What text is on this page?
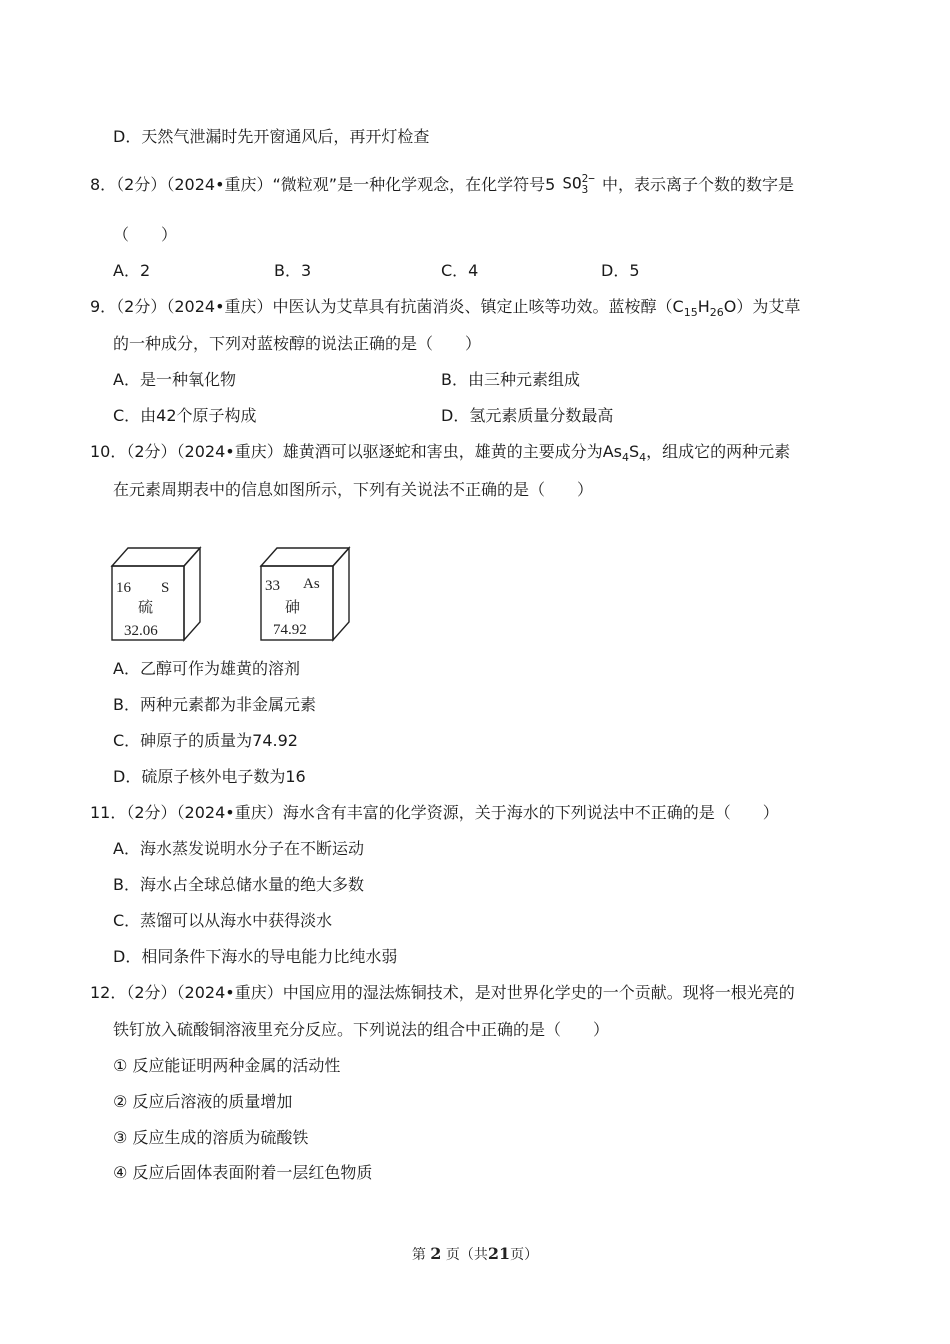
D．天然气泄漏时先开窗通风后，再开灯检查
8．（2分）（2024•重庆）“微粒观”是一种化学观念，在化学符号5 SO 2−
3 中，表示离子个数的数字是
（　　）
A．2	B．3	C．4	D．5
9．（2分）（2024•重庆）中医认为艾草具有抗菌消炎、镇定止咳等功效。蓝桉醇$(C_{15}H_{26}O)$为艾草
的一种成分，下列对蓝桉醇的说法正确的是（　　）
A．是一种氧化物	B．由三种元素组成
C．由42个原子构成	D．氢元素质量分数最高
10．（2分）（2024•重庆）雄黄酒可以驱逐蛇和害虫，雄黄的主要成分为$As_4S_4$，组成它的两种元素
在元素周期表中的信息如图所示，下列有关说法不正确的是（　　）
16 S
硫
32.06
33 As
砷
74.92
A．乙醇可作为雄黄的溶剂
B．两种元素都为非金属元素
C．砷原子的质量为74.92
D．硫原子核外电子数为16
11．（2分）（2024•重庆）海水含有丰富的化学资源，关于海水的下列说法中不正确的是（　　）
A．海水蒸发说明水分子在不断运动
B．海水占全球总储水量的绝大多数
C．蒸馏可以从海水中获得淡水
D．相同条件下海水的导电能力比纯水弱
12．（2分）（2024•重庆）中国应用的湿法炼铜技术，是对世界化学史的一个贡献。现将一根光亮的
铁钉放入硫酸铜溶液里充分反应。下列说法的组合中正确的是（　　）
① 反应能证明两种金属的活动性
② 反应后溶液的质量增加
③ 反应生成的溶质为硫酸铁
④ 反应后固体表面附着一层红色物质
第 2 页（共21页）
